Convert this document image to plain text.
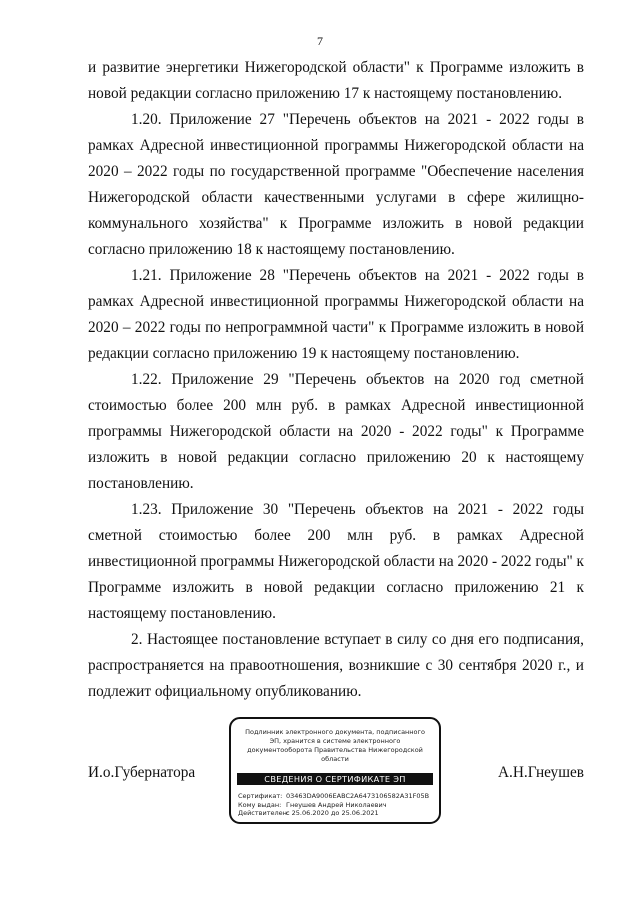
7

и развитие энергетики Нижегородской области" к Программе изложить в новой редакции согласно приложению 17 к настоящему постановлению.

1.20. Приложение 27 "Перечень объектов на 2021 - 2022 годы в рамках Адресной инвестиционной программы Нижегородской области на 2020 – 2022 годы по государственной программе "Обеспечение населения Нижегородской области качественными услугами в сфере жилищно-коммунального хозяйства" к Программе изложить в новой редакции согласно приложению 18 к настоящему постановлению.

1.21. Приложение 28 "Перечень объектов на 2021 - 2022 годы в рамках Адресной инвестиционной программы Нижегородской области на 2020 – 2022 годы по непрограммной части" к Программе изложить в новой редакции согласно приложению 19 к настоящему постановлению.

1.22. Приложение 29 "Перечень объектов на 2020 год сметной стоимостью более 200 млн руб. в рамках Адресной инвестиционной программы Нижегородской области на 2020 - 2022 годы" к Программе изложить в новой редакции согласно приложению 20 к настоящему постановлению.

1.23. Приложение 30 "Перечень объектов на 2021 - 2022 годы сметной стоимостью более 200 млн руб. в рамках Адресной инвестиционной программы Нижегородской области на 2020 - 2022 годы" к Программе изложить в новой редакции согласно приложению 21 к настоящему постановлению.

2. Настоящее постановление вступает в силу со дня его подписания, распространяется на правоотношения, возникшие с 30 сентября 2020 г., и подлежит официальному опубликованию.

И.о.Губернатора	А.Н.Гнеушев
Подлинник электронного документа, подписанного ЭП, хранится в системе электронного документооборота Правительства Нижегородской области
СВЕДЕНИЯ О СЕРТИФИКАТЕ ЭП
Сертификат: 03463DA9006EABC2A6473106582A31F05B
Кому выдан: Гнеушев Андрей Николаевич
Действителен:с 25.06.2020 до 25.06.2021
